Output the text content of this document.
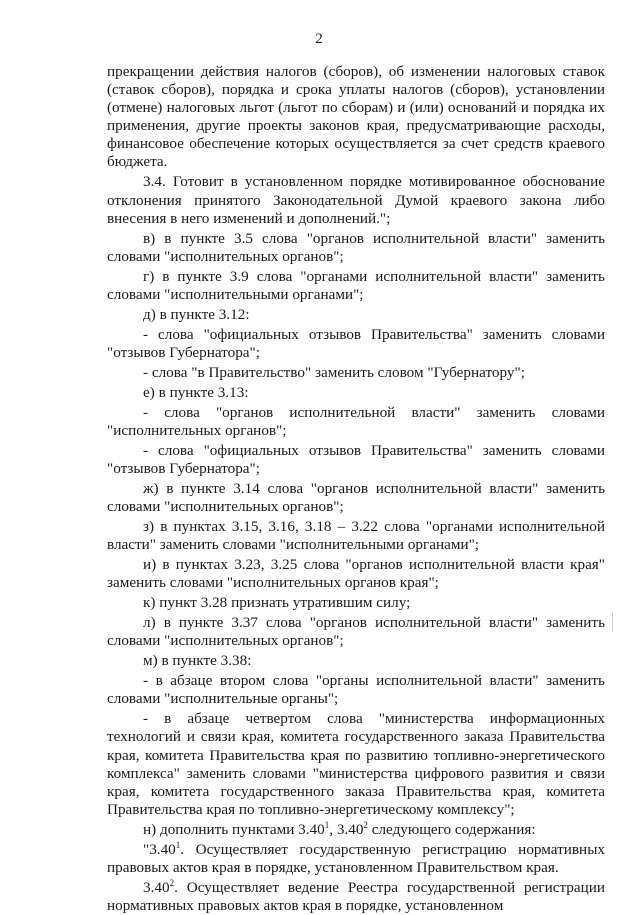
2

прекращении действия налогов (сборов), об изменении налоговых ставок (ставок сборов), порядка и срока уплаты налогов (сборов), установлении (отмене) налоговых льгот (льгот по сборам) и (или) оснований и порядка их применения, другие проекты законов края, предусматривающие расходы, финансовое обеспечение которых осуществляется за счет средств краевого бюджета.

3.4. Готовит в установленном порядке мотивированное обоснование отклонения принятого Законодательной Думой краевого закона либо внесения в него изменений и дополнений.";

в) в пункте 3.5 слова "органов исполнительной власти" заменить словами "исполнительных органов";

г) в пункте 3.9 слова "органами исполнительной власти" заменить словами "исполнительными органами";

д) в пункте 3.12:

- слова "официальных отзывов Правительства" заменить словами "отзывов Губернатора";

- слова "в Правительство" заменить словом "Губернатору";

е) в пункте 3.13:

- слова "органов исполнительной власти" заменить словами "исполнительных органов";

- слова "официальных отзывов Правительства" заменить словами "отзывов Губернатора";

ж) в пункте 3.14 слова "органов исполнительной власти" заменить словами "исполнительных органов";

з) в пунктах 3.15, 3.16, 3.18 – 3.22 слова "органами исполнительной власти" заменить словами "исполнительными органами";

и) в пунктах 3.23, 3.25 слова "органов исполнительной власти края" заменить словами "исполнительных органов края";

к) пункт 3.28 признать утратившим силу;

л) в пункте 3.37 слова "органов исполнительной власти" заменить словами "исполнительных органов";

м) в пункте 3.38:

- в абзаце втором слова "органы исполнительной власти" заменить словами "исполнительные органы";

- в абзаце четвертом слова "министерства информационных технологий и связи края, комитета государственного заказа Правительства края, комитета Правительства края по развитию топливно-энергетического комплекса" заменить словами "министерства цифрового развития и связи края, комитета государственного заказа Правительства края, комитета Правительства края по топливно-энергетическому комплексу";

н) дополнить пунктами 3.40$^1$, 3.40$^2$ следующего содержания:

"3.40$^1$. Осуществляет государственную регистрацию нормативных правовых актов края в порядке, установленном Правительством края.

3.40$^2$. Осуществляет ведение Реестра государственной регистрации нормативных правовых актов края в порядке, установленном
